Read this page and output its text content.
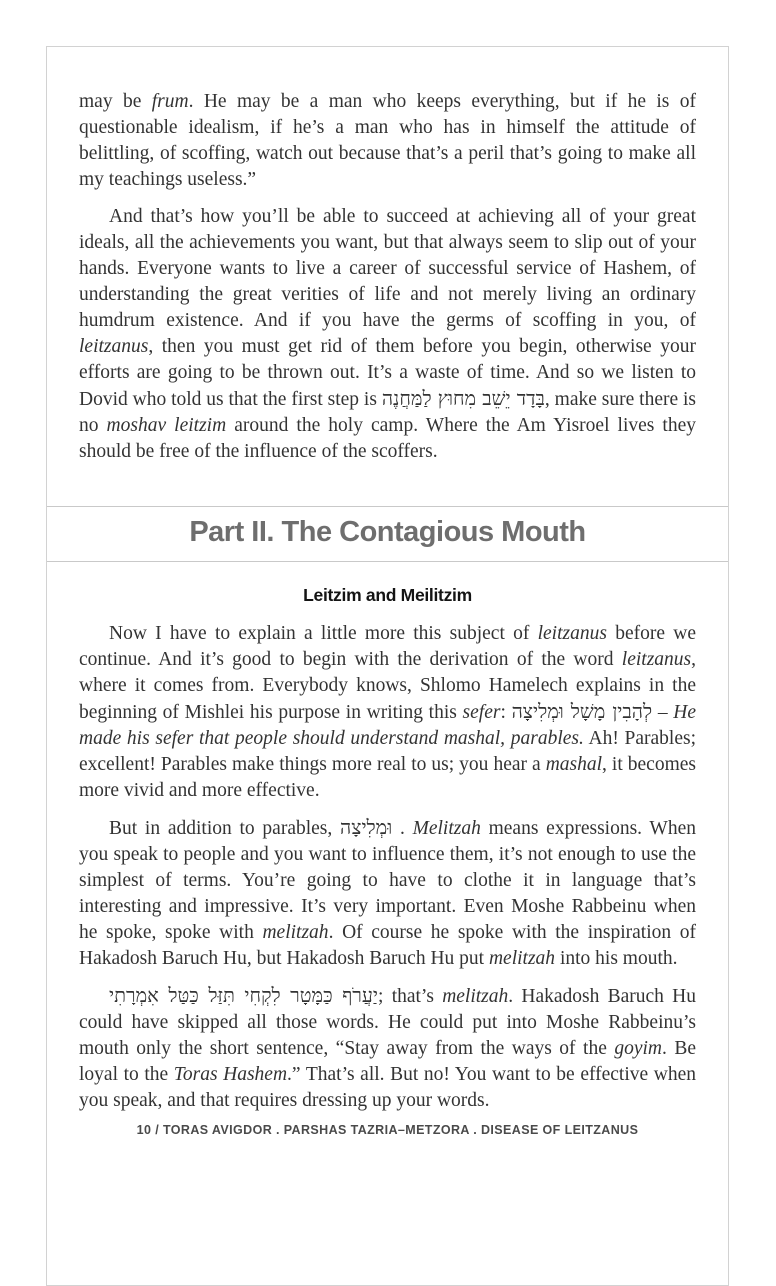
may be frum. He may be a man who keeps everything, but if he is of questionable idealism, if he’s a man who has in himself the attitude of belittling, of scoffing, watch out because that’s a peril that’s going to make all my teachings useless.”

And that’s how you’ll be able to succeed at achieving all of your great ideals, all the achievements you want, but that always seem to slip out of your hands. Everyone wants to live a career of successful service of Hashem, of understanding the great verities of life and not merely living an ordinary humdrum existence. And if you have the germs of scoffing in you, of leitzanus, then you must get rid of them before you begin, otherwise your efforts are going to be thrown out. It’s a waste of time. And so we listen to Dovid who told us that the first step is בָּדָד יֵשֵׁב מִחוּץ לַמַּחֲנֶה, make sure there is no moshav leitzim around the holy camp. Where the Am Yisroel lives they should be free of the influence of the scoffers.

Part II. The Contagious Mouth
Leitzim and Meilitzim

Now I have to explain a little more this subject of leitzanus before we continue. And it’s good to begin with the derivation of the word leitzanus, where it comes from. Everybody knows, Shlomo Hamelech explains in the beginning of Mishlei his purpose in writing this sefer: לְהָבִין מָשָׁל וּמְלִיצָה – He made his sefer that people should understand mashal, parables. Ah! Parables; excellent! Parables make things more real to us; you hear a mashal, it becomes more vivid and more effective.

But in addition to parables, וּמְלִיצָה . Melitzah means expressions. When you speak to people and you want to influence them, it’s not enough to use the simplest of terms. You’re going to have to clothe it in language that’s interesting and impressive. It’s very important. Even Moshe Rabbeinu when he spoke, spoke with melitzah. Of course he spoke with the inspiration of Hakadosh Baruch Hu, but Hakadosh Baruch Hu put melitzah into his mouth.

יַעֲרֹף כַּמָּטָר לִקְחִי תִּזַּל כַּטַּל אִמְרָתִי; that’s melitzah. Hakadosh Baruch Hu could have skipped all those words. He could put into Moshe Rabbeinu’s mouth only the short sentence, “Stay away from the ways of the goyim. Be loyal to the Toras Hashem.” That’s all. But no! You want to be effective when you speak, and that requires dressing up your words.

10 / TORAS AVIGDOR . PARSHAS TAZRIA–METZORA . DISEASE OF LEITZANUS
